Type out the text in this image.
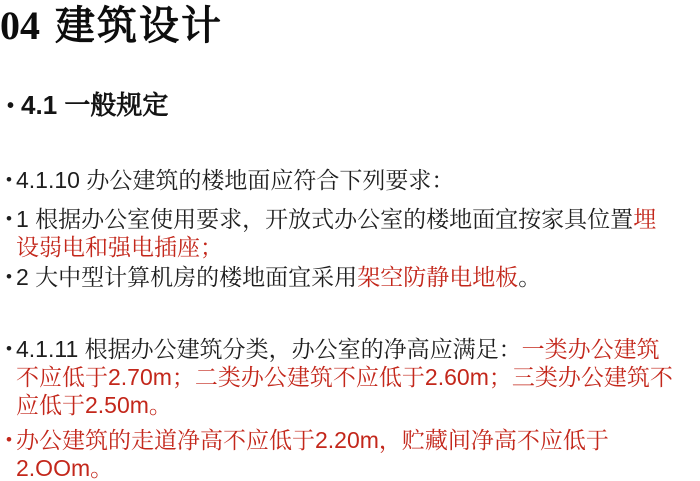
04 建筑设计
• 4.1 一般规定
• 4.1.10 办公建筑的楼地面应符合下列要求：
• 1 根据办公室使用要求，开放式办公室的楼地面宜按家具位置埋
设弱电和强电插座；
• 2 大中型计算机房的楼地面宜采用架空防静电地板。
• 4.1.11 根据办公建筑分类，办公室的净高应满足：一类办公建筑
不应低于2.70m；二类办公建筑不应低于2.60m；三类办公建筑不
应低于2.50m。
• 办公建筑的走道净高不应低于2.20m，贮藏间净高不应低于
2.OOm。
